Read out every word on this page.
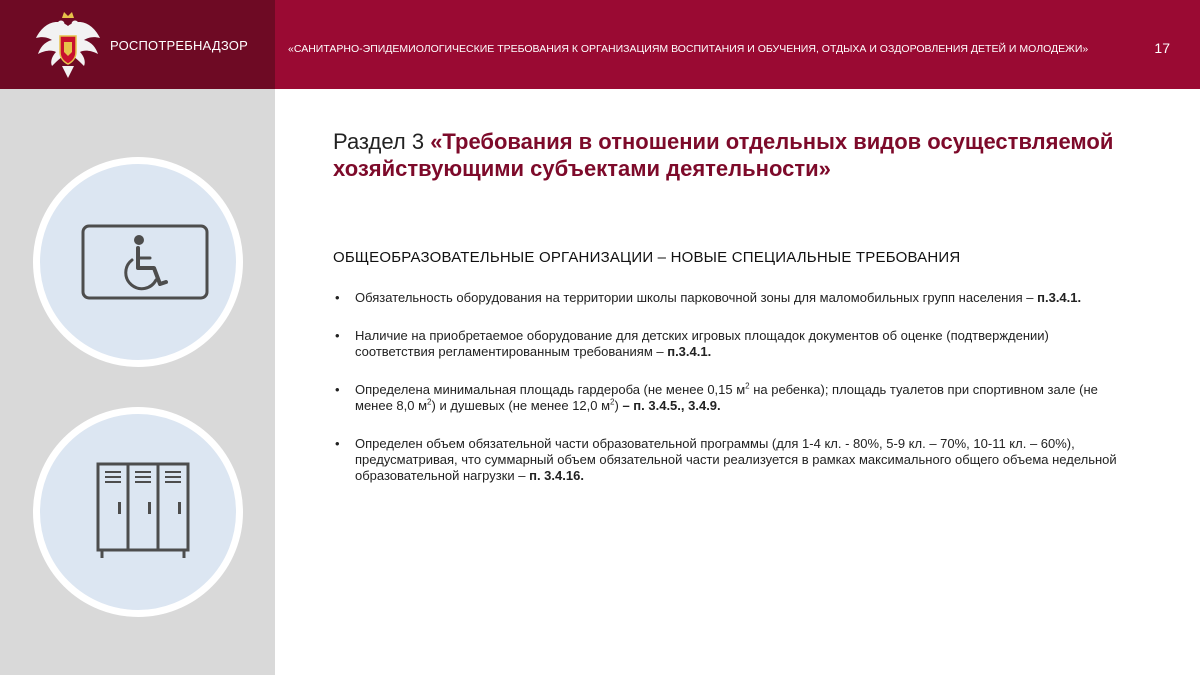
РОСПОТРЕБНАДЗОР	«САНИТАРНО-ЭПИДЕМИОЛОГИЧЕСКИЕ ТРЕБОВАНИЯ К ОРГАНИЗАЦИЯМ ВОСПИТАНИЯ И ОБУЧЕНИЯ, ОТДЫХА И ОЗДОРОВЛЕНИЯ ДЕТЕЙ И МОЛОДЕЖИ»	17
Раздел 3 «Требования в отношении отдельных видов осуществляемой хозяйствующими субъектами деятельности»
ОБЩЕОБРАЗОВАТЕЛЬНЫЕ ОРГАНИЗАЦИИ – НОВЫЕ СПЕЦИАЛЬНЫЕ ТРЕБОВАНИЯ
• Обязательность оборудования на территории школы парковочной зоны для маломобильных групп населения – п.3.4.1.
• Наличие на приобретаемое оборудование для детских игровых площадок документов об оценке (подтверждении) соответствия регламентированным требованиям – п.3.4.1.
• Определена минимальная площадь гардероба (не менее 0,15 $м^2$ на ребенка); площадь туалетов при спортивном зале (не менее 8,0 $м^2$) и душевых (не менее 12,0 $м^2$) – п. 3.4.5., 3.4.9.
• Определен объем обязательной части образовательной программы (для 1-4 кл. - 80%, 5-9 кл. – 70%, 10-11 кл. – 60%), предусматривая, что суммарный объем обязательной части реализуется в рамках максимального общего объема недельной образовательной нагрузки – п. 3.4.16.
